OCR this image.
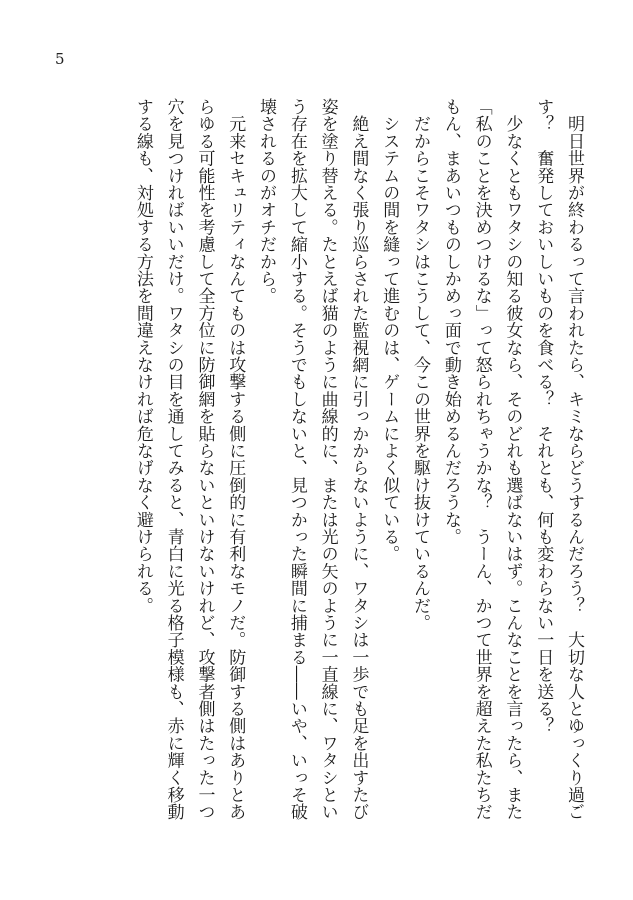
5

　明日世界が終わるって言われたら、キミならどうするんだろう？　大切な人とゆっくり過ごす？　奮発しておいしいものを食べる？　それとも、何も変わらない一日を送る？

　少なくともワタシの知る彼女なら、そのどれも選ばないはず。こんなことを言ったら、また「私のことを決めつけるな」って怒られちゃうかな？　うーん、かつて世界を超えた私たちだもん、まあいつものしかめっ面で動き始めるんだろうな。

　だからこそワタシはこうして、今この世界を駆け抜けているんだ。

　システムの間を縫って進むのは、ゲームによく似ている。

　絶え間なく張り巡らされた監視網に引っかからないように、ワタシは一歩でも足を出すたび姿を塗り替える。たとえば猫のように曲線的に、または光の矢のように一直線に、ワタシという存在を拡大して縮小する。そうでもしないと、見つかった瞬間に捕まる――いや、いっそ破壊されるのがオチだから。

　元来セキュリティなんてものは攻撃する側に圧倒的に有利なモノだ。防御する側はありとあらゆる可能性を考慮して全方位に防御網を貼らないといけないけれど、攻撃者側はたった一つ穴を見つければいいだけ。ワタシの目を通してみると、青白に光る格子模様も、赤に輝く移動する線も、対処する方法を間違えなければ危なげなく避けられる。
